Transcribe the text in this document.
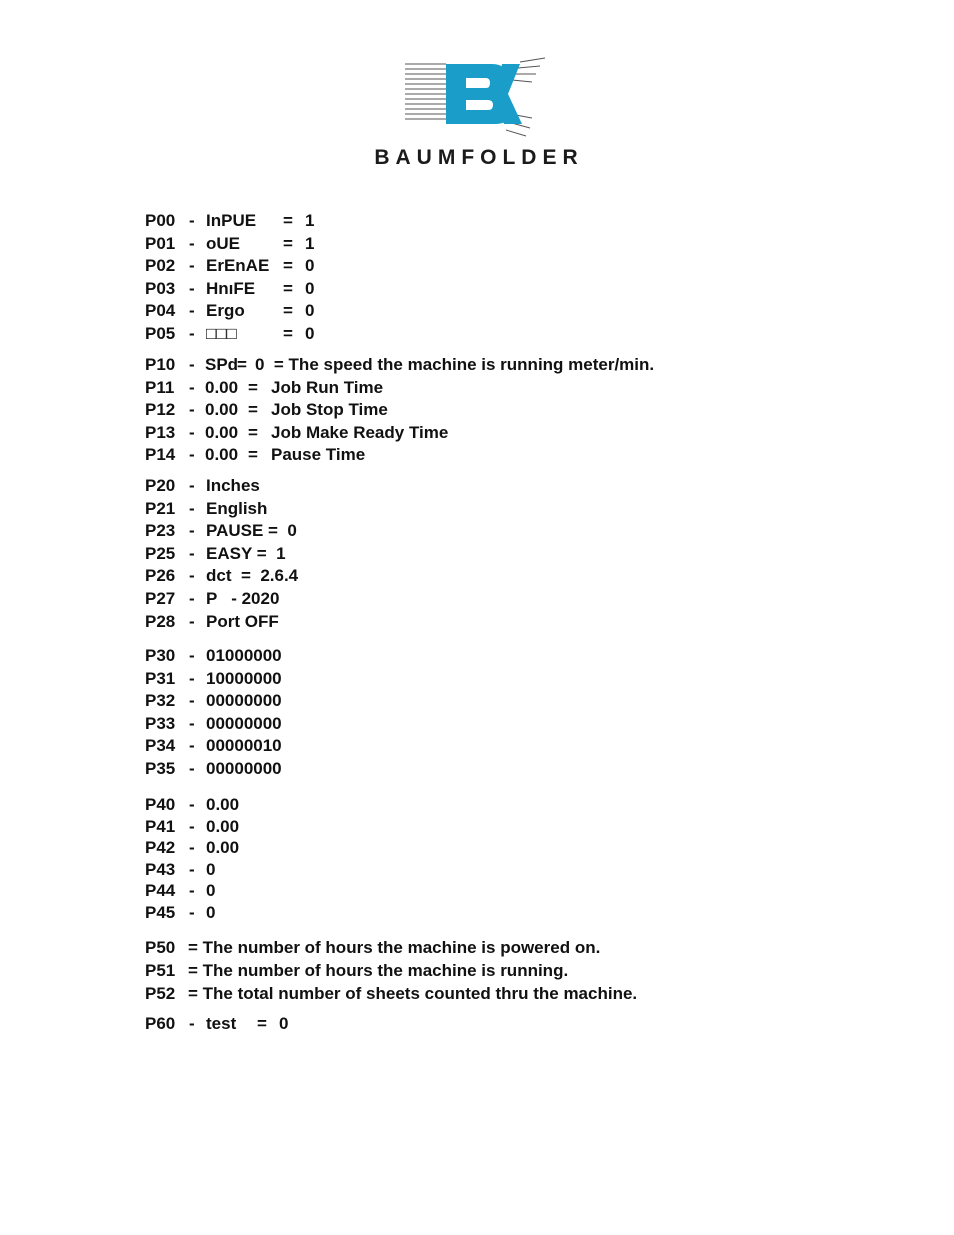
BAUMFOLDER
P00 - InPUE = 1
P01 - oUE	= 1
P02 - ErEnAE = 0
P03 - HnıFE = 0
P04 - Ergo = 0
P05 - □□□	= 0
P10 - SPd
= 0  = The speed the machine is running meter/min.
P11 - 0.00 = Job Run Time
P12 - 0.00 = Job Stop Time
P13 - 0.00 = Job Make Ready Time
P14 - 0.00 = Pause Time
P20 - Inches
P21 - English
P23 - PAUSE =  0
P25 - EASY =  1
P26 - dct  =  2.6.4
P27 - P   - 2020
P28 - Port OFF
P30 - 01000000
P31 - 10000000
P32 - 00000000
P33 - 00000000
P34 - 00000010
P35 - 00000000
P40 - 0.00
P41 - 0.00
P42 - 0.00
P43 - 0
P44 - 0
P45 - 0
P50 = The number of hours the machine is powered on.
P51 = The number of hours the machine is running.
P52 = The total number of sheets counted thru the machine.
P60 - test = 0
